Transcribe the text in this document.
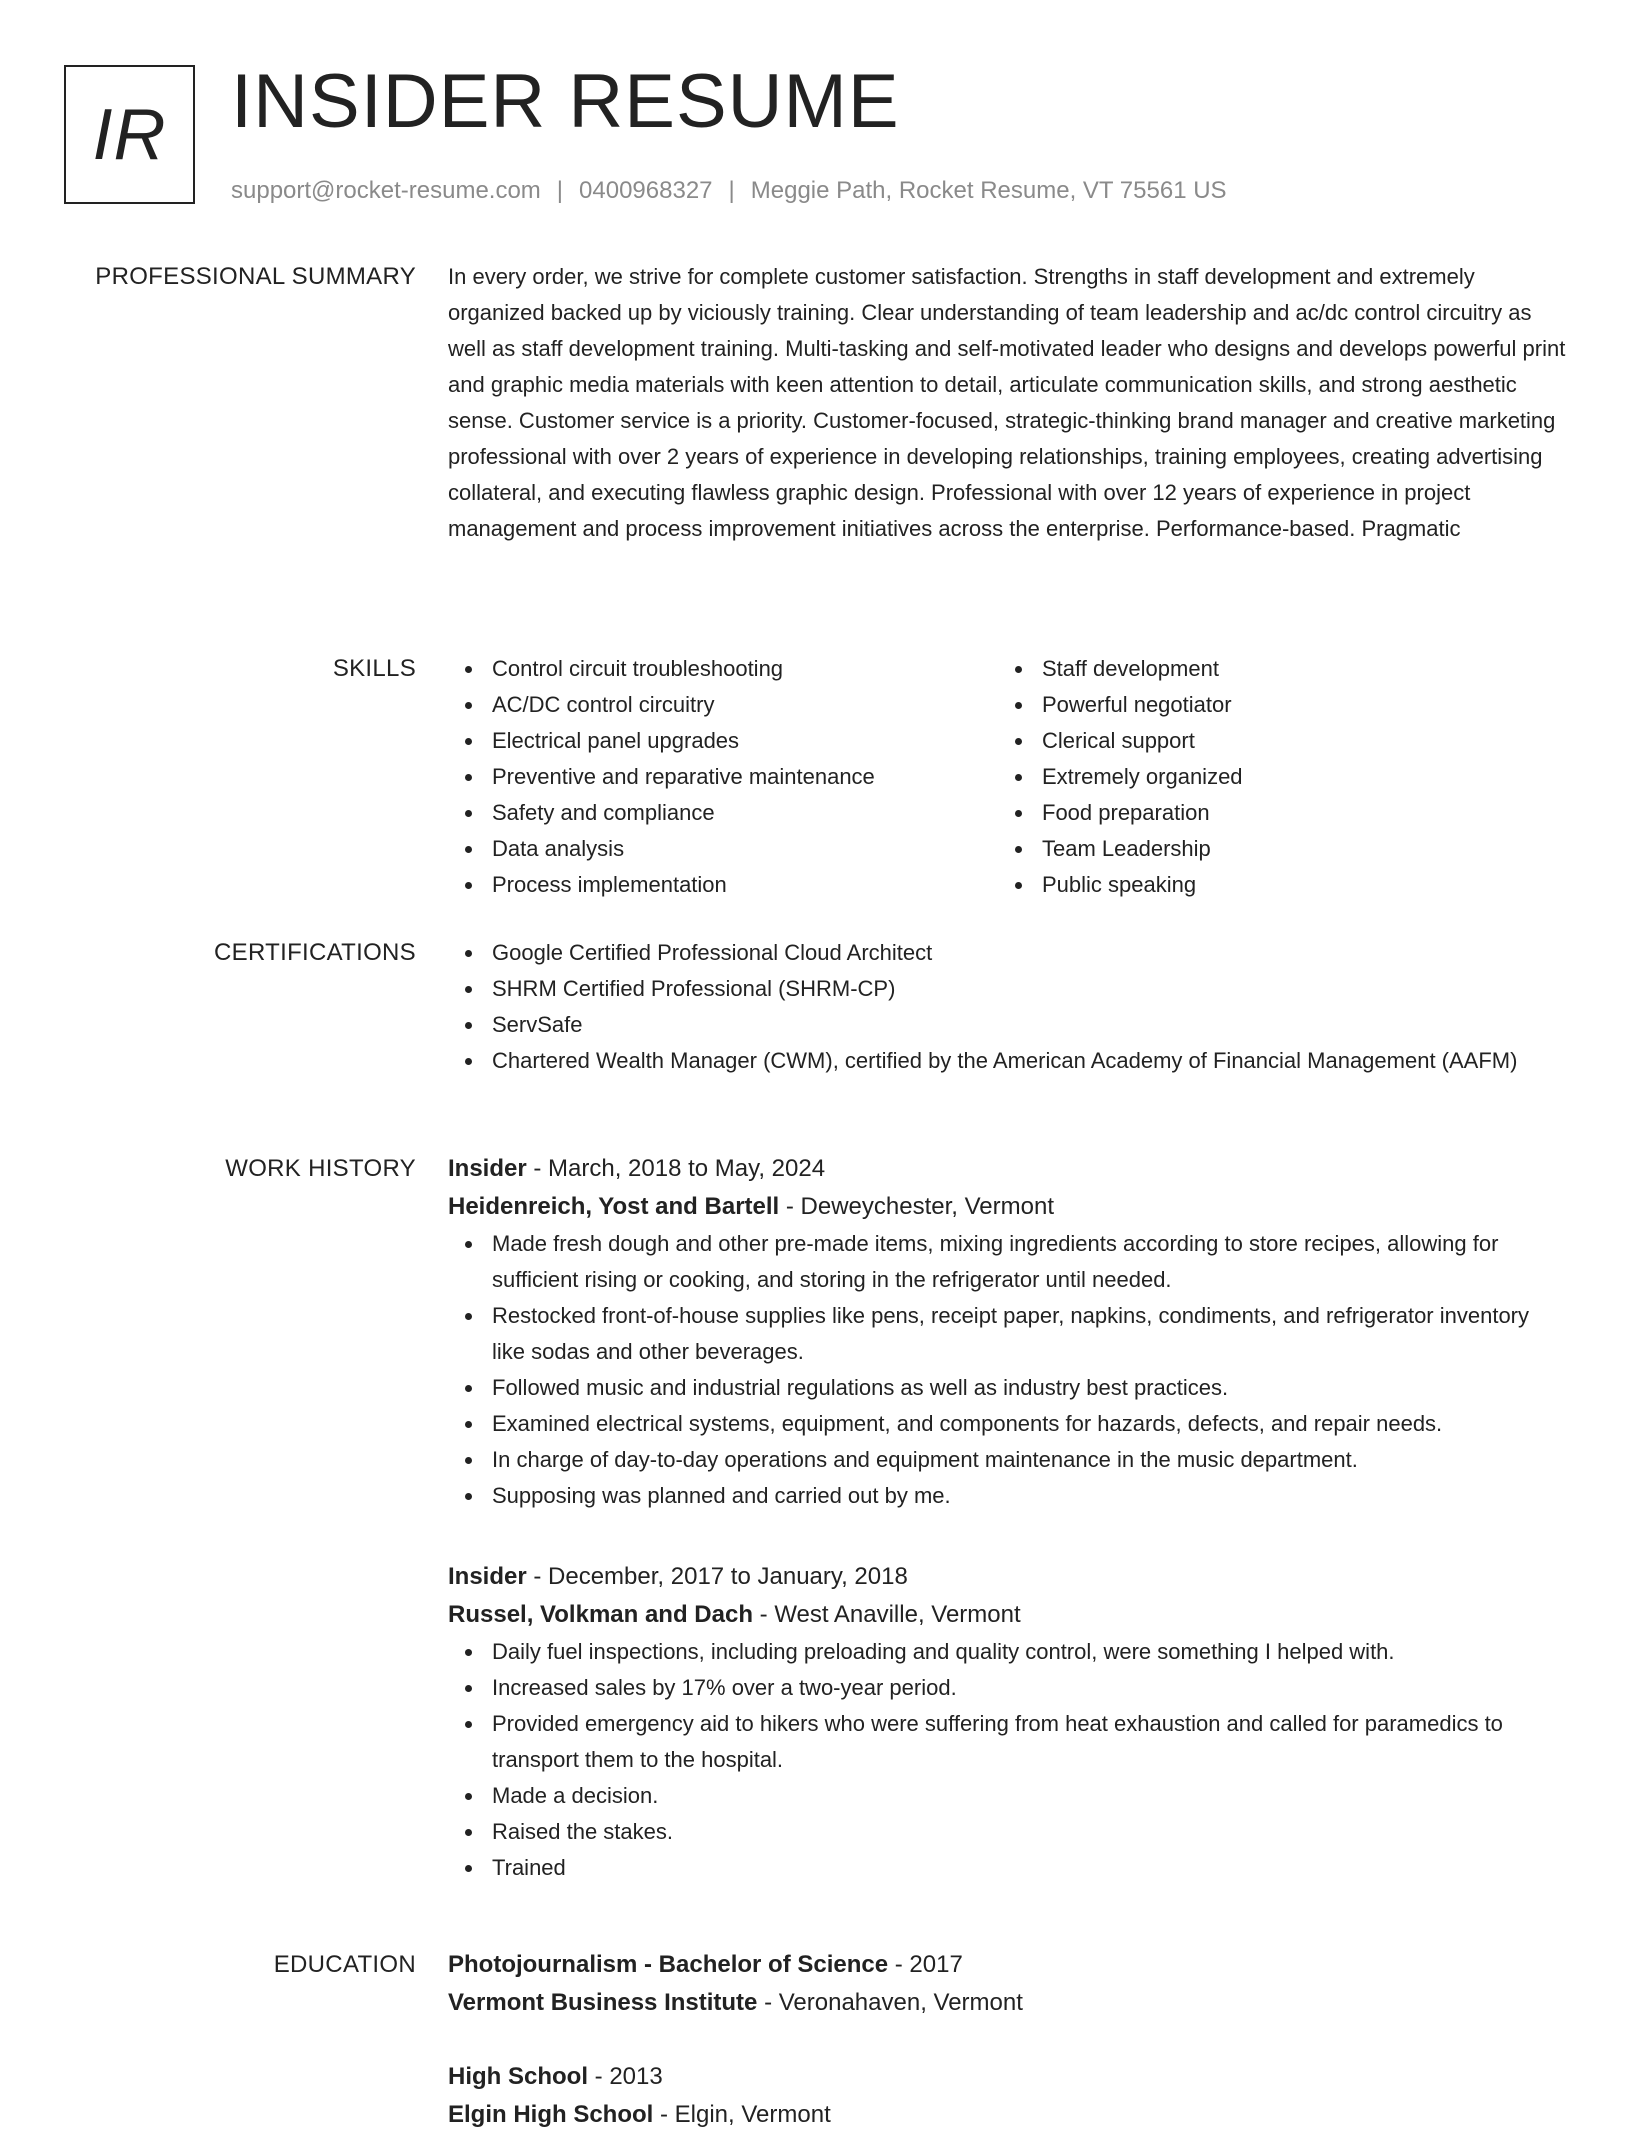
IR INSIDER RESUME
support@rocket-resume.com | 0400968327 | Meggie Path, Rocket Resume, VT 75561 US
PROFESSIONAL SUMMARY In every order, we strive for complete customer satisfaction. Strengths in staff development and extremely organized backed up by viciously training. Clear understanding of team leadership and ac/dc control circuitry as well as staff development training. Multi-tasking and self-motivated leader who designs and develops powerful print and graphic media materials with keen attention to detail, articulate communication skills, and strong aesthetic sense. Customer service is a priority. Customer-focused, strategic-thinking brand manager and creative marketing professional with over 2 years of experience in developing relationships, training employees, creating advertising collateral, and executing flawless graphic design. Professional with over 12 years of experience in project management and process improvement initiatives across the enterprise. Performance-based. Pragmatic

SKILLS	Control circuit troubleshooting
AC/DC control circuitry
Electrical panel upgrades
Preventive and reparative maintenance
Safety and compliance
Data analysis
Process implementation
Staff development
Powerful negotiator
Clerical support
Extremely organized
Food preparation
Team Leadership
Public speaking
CERTIFICATIONS	Google Certified Professional Cloud Architect
SHRM Certified Professional (SHRM-CP)
ServSafe
Chartered Wealth Manager (CWM), certified by the American Academy of Financial Management (AAFM)
WORK HISTORY Insider - March, 2018 to May, 2024
Heidenreich, Yost and Bartell - Deweychester, Vermont
Made fresh dough and other pre-made items, mixing ingredients according to store recipes, allowing for sufficient rising or cooking, and storing in the refrigerator until needed.
Restocked front-of-house supplies like pens, receipt paper, napkins, condiments, and refrigerator inventory like sodas and other beverages.
Followed music and industrial regulations as well as industry best practices.
Examined electrical systems, equipment, and components for hazards, defects, and repair needs.
In charge of day-to-day operations and equipment maintenance in the music department.
Supposing was planned and carried out by me.
Insider - December, 2017 to January, 2018
Russel, Volkman and Dach - West Anaville, Vermont
Daily fuel inspections, including preloading and quality control, were something I helped with.
Increased sales by 17% over a two-year period.
Provided emergency aid to hikers who were suffering from heat exhaustion and called for paramedics to transport them to the hospital.
Made a decision.
Raised the stakes.
Trained
EDUCATION Photojournalism - Bachelor of Science - 2017
Vermont Business Institute - Veronahaven, Vermont
High School - 2013
Elgin High School - Elgin, Vermont
